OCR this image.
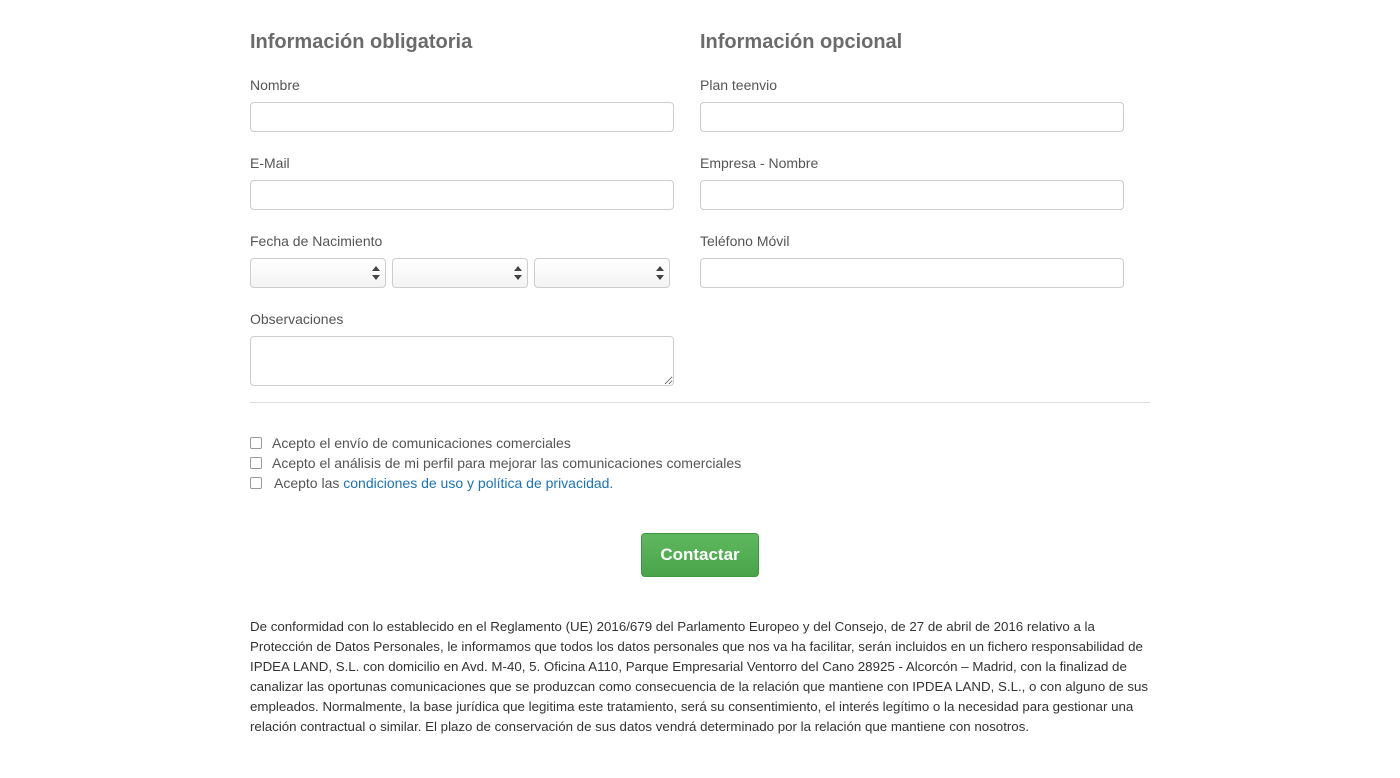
Información obligatoria
Nombre
E-Mail
Fecha de Nacimiento
Observaciones
Información opcional
Plan teenvio
Empresa - Nombre
Teléfono Móvil
Acepto el envío de comunicaciones comerciales
Acepto el análisis de mi perfil para mejorar las comunicaciones comerciales
Acepto las
condiciones de uso y política de privacidad.
Contactar

De conformidad con lo establecido en el Reglamento (UE) 2016/679 del Parlamento Europeo y del Consejo, de 27 de abril de 2016 relativo a la Protección de Datos Personales, le informamos que todos los datos personales que nos va ha facilitar, serán incluidos en un fichero responsabilidad de IPDEA LAND, S.L. con domicilio en Avd. M-40, 5. Oficina A110, Parque Empresarial Ventorro del Cano 28925 - Alcorcón – Madrid, con la finalizad de canalizar las oportunas comunicaciones que se produzcan como consecuencia de la relación que mantiene con IPDEA LAND, S.L., o con alguno de sus empleados. Normalmente, la base jurídica que legitima este tratamiento, será su consentimiento, el interés legítimo o la necesidad para gestionar una relación contractual o similar. El plazo de conservación de sus datos vendrá determinado por la relación que mantiene con nosotros.
